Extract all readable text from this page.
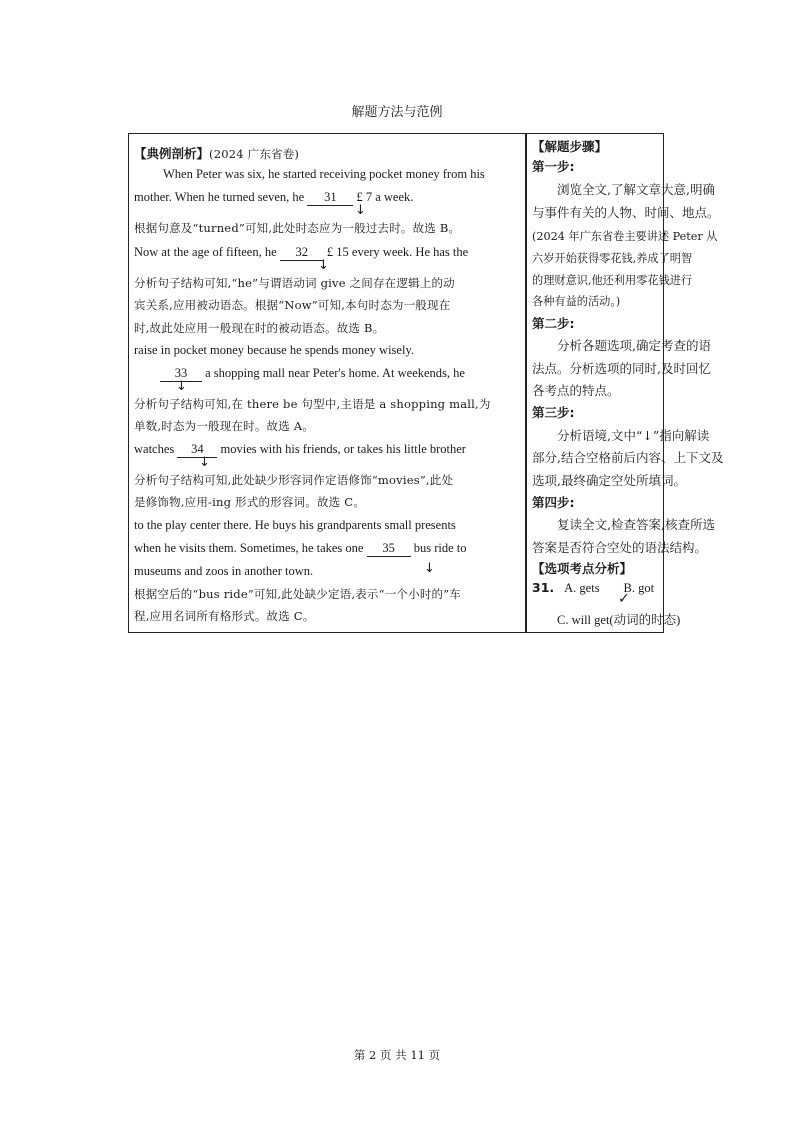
解题方法与范例
【典例剖析】(2024 广东省卷)
When Peter was six, he started receiving pocket money from his
mother. When he turned seven, he 31 £ 7 a week.
↓
根据句意及“turned”可知,此处时态应为一般过去时。故选 B。
Now at the age of fifteen, he 32 £ 15 every week. He has the
↓
分析句子结构可知,“he”与谓语动词 give 之间存在逻辑上的动
宾关系,应用被动语态。根据“Now”可知,本句时态为一般现在
时,故此处应用一般现在时的被动语态。故选 B。
raise in pocket money because he spends money wisely.
33 a shopping mall near Peter's home. At weekends, he
↓
分析句子结构可知,在 there be 句型中,主语是 a shopping mall,为
单数,时态为一般现在时。故选 A。
watches 34 movies with his friends, or takes his little brother
↓
分析句子结构可知,此处缺少形容词作定语修饰“movies”,此处
是修饰物,应用-ing 形式的形容词。故选 C。
to the play center there. He buys his grandparents small presents
when he visits them. Sometimes, he takes one 35 bus ride to
museums and zoos in another town.	↓
根据空后的“bus ride”可知,此处缺少定语,表示“一个小时的”车
程,应用名词所有格形式。故选 C。
【解题步骤】
第一步:
浏览全文,了解文章大意,明确
与事件有关的人物、时间、地点。
(2024 年广东省卷主要讲述 Peter 从
六岁开始获得零花钱,养成了明智
的理财意识,他还利用零花钱进行
各种有益的活动。)
第二步:
分析各题选项,确定考查的语
法点。分析选项的同时,及时回忆
各考点的特点。
第三步:
分析语境,文中“↓”指向解读
部分,结合空格前后内容、上下文及
选项,最终确定空处所填词。
第四步:
复读全文,检查答案,核查所选
答案是否符合空处的语法结构。
【选项考点分析】
31. A. gets B. got
✓
C. will get(动词的时态)
第 2 页 共 11 页
